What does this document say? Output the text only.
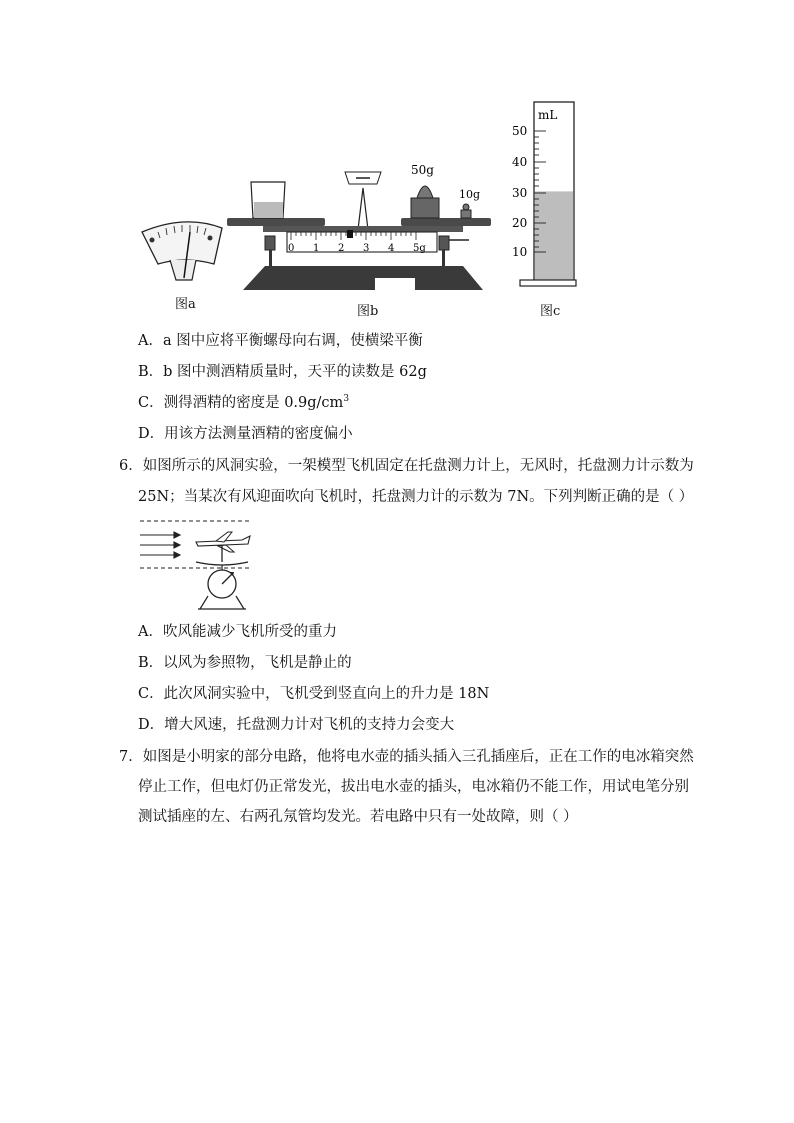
图a
50g
10g
0 1 2 3 4 5g
图b
mL
50
40
30
20
10
图c
A．a 图中应将平衡螺母向右调，使横梁平衡
B．b 图中测酒精质量时，天平的读数是 62g
C．测得酒精的密度是 $0.9g/cm^3$
D．用该方法测量酒精的密度偏小
6．如图所示的风洞实验，一架模型飞机固定在托盘测力计上，无风时，托盘测力计示数为
25N；当某次有风迎面吹向飞机时，托盘测力计的示数为 7N。下列判断正确的是（ ）
A．吹风能减少飞机所受的重力
B．以风为参照物，飞机是静止的
C．此次风洞实验中，飞机受到竖直向上的升力是 18N
D．增大风速，托盘测力计对飞机的支持力会变大
7．如图是小明家的部分电路，他将电水壶的插头插入三孔插座后，正在工作的电冰箱突然
停止工作，但电灯仍正常发光，拔出电水壶的插头，电冰箱仍不能工作，用试电笔分别
测试插座的左、右两孔氖管均发光。若电路中只有一处故障，则（ ）
